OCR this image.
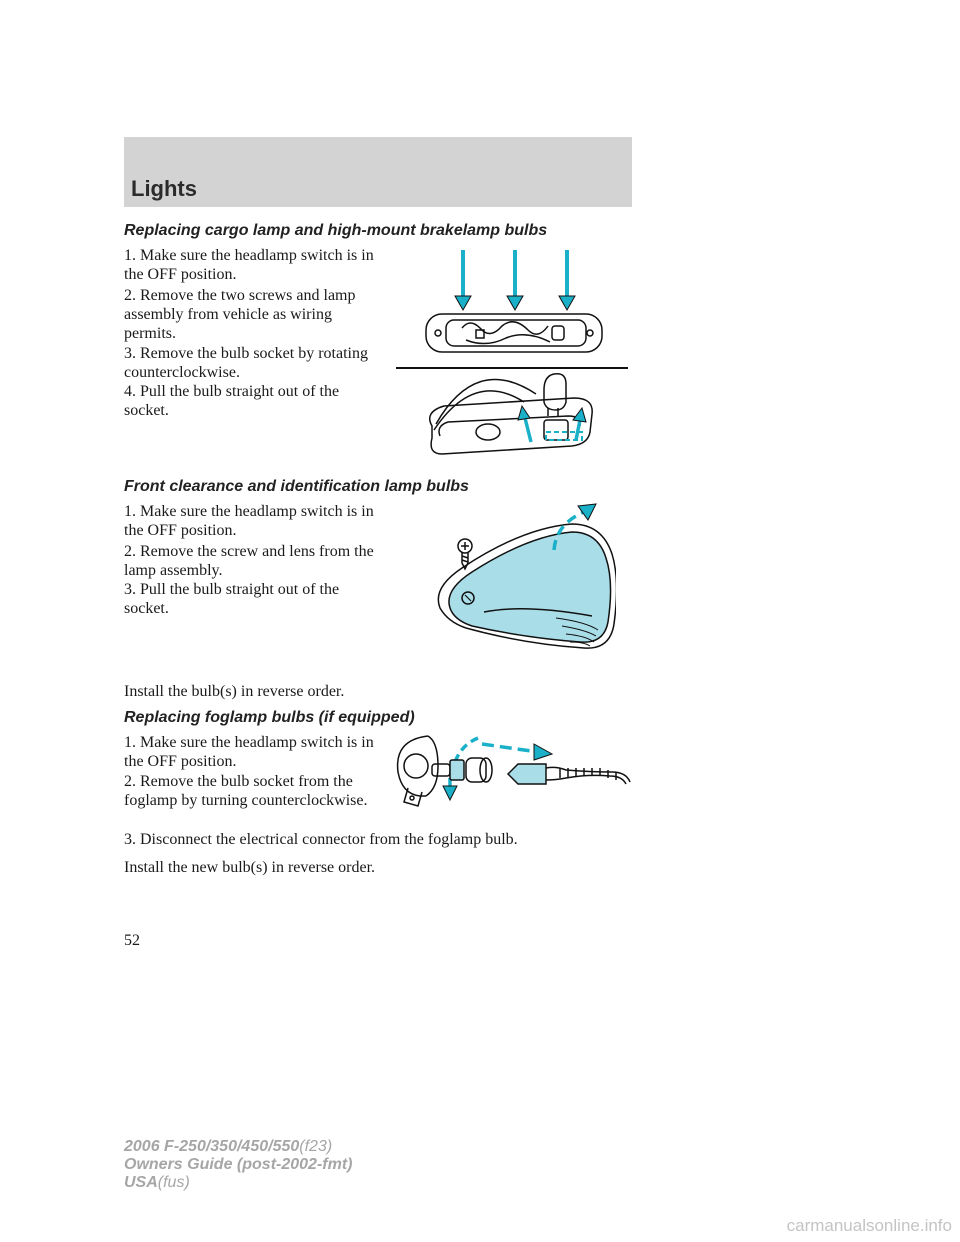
Lights
Replacing cargo lamp and high-mount brakelamp bulbs

1. Make sure the headlamp switch is in the OFF position.

2. Remove the two screws and lamp assembly from vehicle as wiring permits.

3. Remove the bulb socket by rotating counterclockwise.

4. Pull the bulb straight out of the socket.

Front clearance and identification lamp bulbs

1. Make sure the headlamp switch is in the OFF position.

2. Remove the screw and lens from the lamp assembly.

3. Pull the bulb straight out of the socket.

Install the bulb(s) in reverse order.

Replacing foglamp bulbs (if equipped)

1. Make sure the headlamp switch is in the OFF position.

2. Remove the bulb socket from the foglamp by turning counterclockwise.

3. Disconnect the electrical connector from the foglamp bulb.

Install the new bulb(s) in reverse order.

52
2006 F-250/350/450/550(f23)
Owners Guide (post-2002-fmt)
USA(fus)
carmanualsonline.info
